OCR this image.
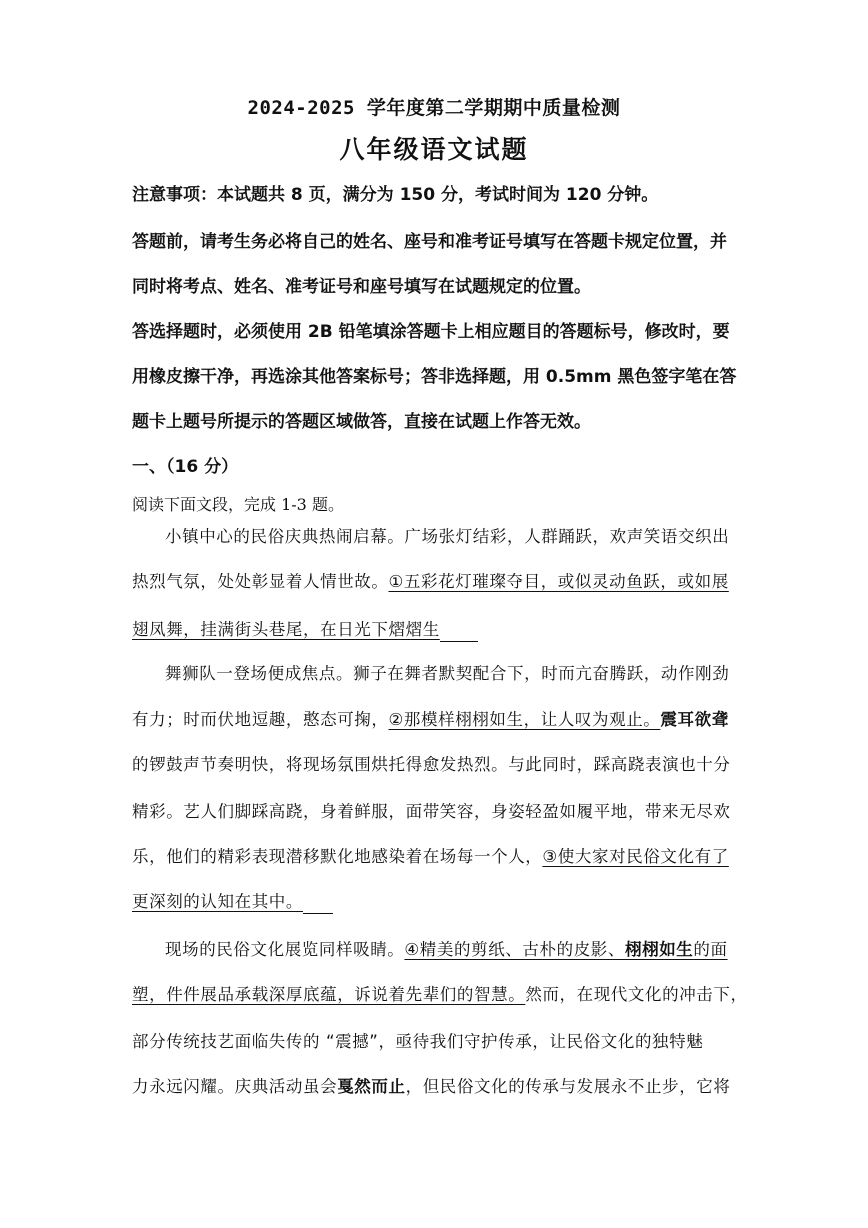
2024-2025 学年度第二学期期中质量检测
八年级语文试题
注意事项：本试题共 8 页，满分为 150 分，考试时间为 120 分钟。
答题前，请考生务必将自己的姓名、座号和准考证号填写在答题卡规定位置，并
同时将考点、姓名、准考证号和座号填写在试题规定的位置。
答选择题时，必须使用 2B 铅笔填涂答题卡上相应题目的答题标号，修改时，要
用橡皮擦干净，再选涂其他答案标号；答非选择题，用 0.5mm 黑色签字笔在答
题卡上题号所提示的答题区域做答，直接在试题上作答无效。
一、（16 分）
阅读下面文段，完成 1-3 题。
小镇中心的民俗庆典热闹启幕。广场张灯结彩，人群踊跃，欢声笑语交织出
热烈气氛，处处彰显着人情世故。①五彩花灯璀璨夺目，或似灵动鱼跃，或如展
翅凤舞，挂满街头巷尾，在日光下熠熠生
舞狮队一登场便成焦点。狮子在舞者默契配合下，时而亢奋腾跃，动作刚劲
有力；时而伏地逗趣，憨态可掬，②那模样栩栩如生，让人叹为观止。震耳欲聋
的锣鼓声节奏明快，将现场氛围烘托得愈发热烈。与此同时，踩高跷表演也十分
精彩。艺人们脚踩高跷，身着鲜服，面带笑容，身姿轻盈如履平地，带来无尽欢
乐，他们的精彩表现潜移默化地感染着在场每一个人，③使大家对民俗文化有了
更深刻的认知在其中。
现场的民俗文化展览同样吸睛。④精美的剪纸、古朴的皮影、栩栩如生的面
塑，件件展品承载深厚底蕴，诉说着先辈们的智慧。然而，在现代文化的冲击下，
部分传统技艺面临失传的 “震撼”，亟待我们守护传承，让民俗文化的独特魅
力永远闪耀。庆典活动虽会戛然而止，但民俗文化的传承与发展永不止步，它将
